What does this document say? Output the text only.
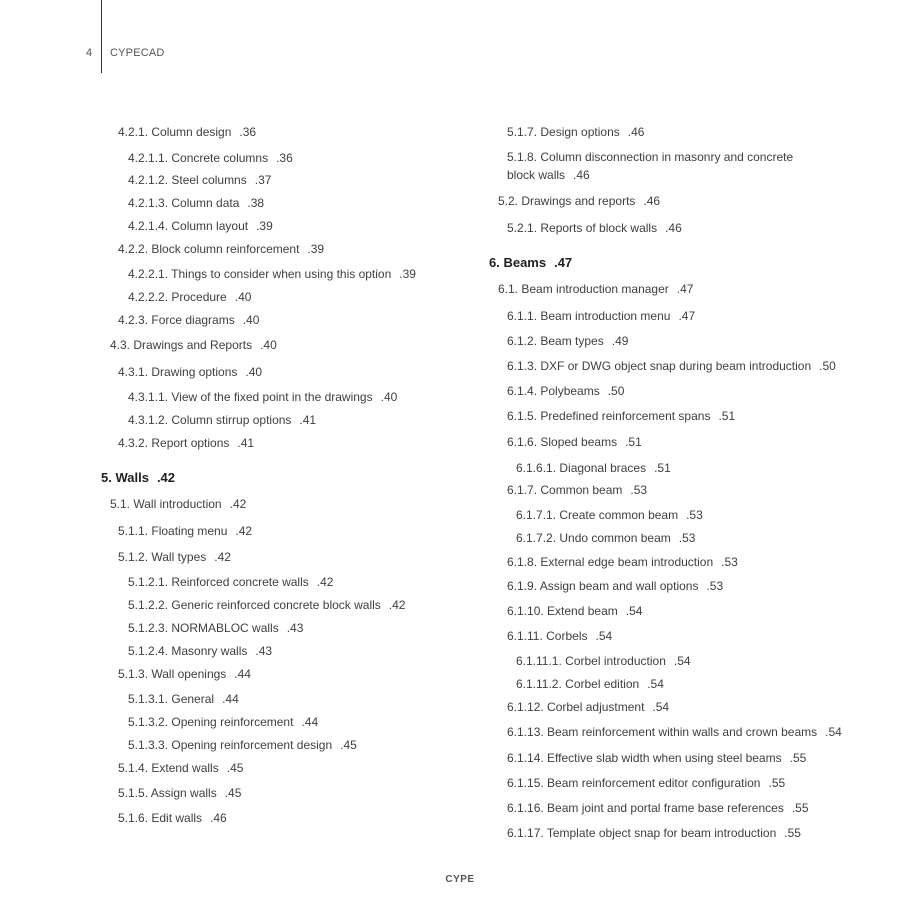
4 CYPECAD
4.2.1. Column design .36
4.2.1.1. Concrete columns .36
4.2.1.2. Steel columns .37
4.2.1.3. Column data .38
4.2.1.4. Column layout .39
4.2.2. Block column reinforcement .39
4.2.2.1. Things to consider when using this option .39
4.2.2.2. Procedure .40
4.2.3. Force diagrams .40
4.3. Drawings and Reports .40
4.3.1. Drawing options .40
4.3.1.1. View of the fixed point in the drawings .40
4.3.1.2. Column stirrup options .41
4.3.2. Report options .41
5. Walls .42
5.1. Wall introduction .42
5.1.1. Floating menu .42
5.1.2. Wall types .42
5.1.2.1. Reinforced concrete walls .42
5.1.2.2. Generic reinforced concrete block walls .42
5.1.2.3. NORMABLOC walls .43
5.1.2.4. Masonry walls .43
5.1.3. Wall openings .44
5.1.3.1. General .44
5.1.3.2. Opening reinforcement .44
5.1.3.3. Opening reinforcement design .45
5.1.4. Extend walls .45
5.1.5. Assign walls .45
5.1.6. Edit walls .46
5.1.7. Design options .46
5.1.8. Column disconnection in masonry and concrete
block walls .46
5.2. Drawings and reports .46
5.2.1. Reports of block walls .46
6. Beams .47
6.1. Beam introduction manager .47
6.1.1. Beam introduction menu .47
6.1.2. Beam types .49
6.1.3. DXF or DWG object snap during beam introduction .50
6.1.4. Polybeams .50
6.1.5. Predefined reinforcement spans .51
6.1.6. Sloped beams .51
6.1.6.1. Diagonal braces .51
6.1.7. Common beam .53
6.1.7.1. Create common beam .53
6.1.7.2. Undo common beam .53
6.1.8. External edge beam introduction .53
6.1.9. Assign beam and wall options .53
6.1.10. Extend beam .54
6.1.11. Corbels .54
6.1.11.1. Corbel introduction .54
6.1.11.2. Corbel edition .54
6.1.12. Corbel adjustment .54
6.1.13. Beam reinforcement within walls and crown beams .54
6.1.14. Effective slab width when using steel beams .55
6.1.15. Beam reinforcement editor configuration .55
6.1.16. Beam joint and portal frame base references .55
6.1.17. Template object snap for beam introduction .55
CYPE
